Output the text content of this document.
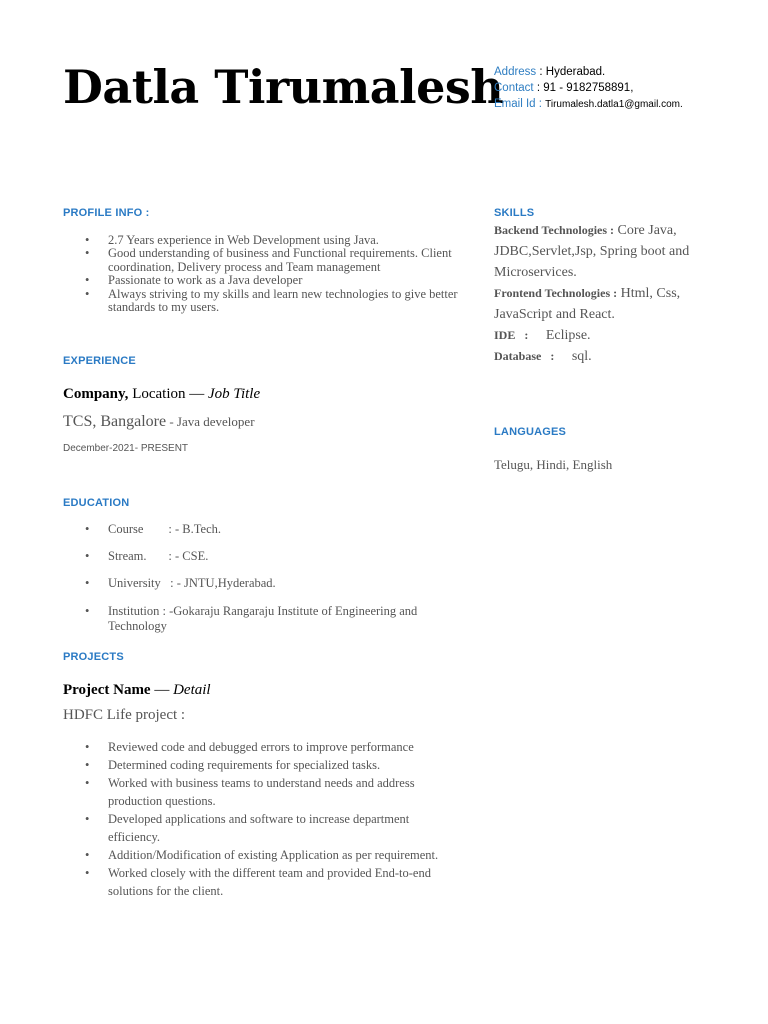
Datla Tirumalesh
Address : Hyderabad.
Contact : 91 - 9182758891,
Email Id : Tirumalesh.datla1@gmail.com.
PROFILE INFO :
• 2.7 Years experience in Web Development using Java.
• Good understanding of business and Functional requirements. Client coordination, Delivery process and Team management
• Passionate to work as a Java developer
• Always striving to my skills and learn new technologies to give better standards to my users.
EXPERIENCE
Company, Location — Job Title
TCS, Bangalore - Java developer
December-2021- PRESENT
EDUCATION
• Course        : - B.Tech.
• Stream.       : - CSE.
• University   : - JNTU,Hyderabad.
• Institution : -Gokaraju Rangaraju Institute of Engineering and Technology
PROJECTS
Project Name — Detail
HDFC Life project :
• Reviewed code and debugged errors to improve performance
• Determined coding requirements for specialized tasks.
• Worked with business teams to understand needs and address production questions.
• Developed applications and software to increase department efficiency.
• Addition/Modification of existing Application as per requirement.
• Worked closely with the different team and provided End-to-end solutions for the client.
SKILLS
Backend Technologies : Core Java, JDBC,Servlet,Jsp, Spring boot and Microservices.
Frontend Technologies : Html, Css, JavaScript and React.
IDE   :     Eclipse.
Database   :     sql.
LANGUAGES
Telugu, Hindi, English
